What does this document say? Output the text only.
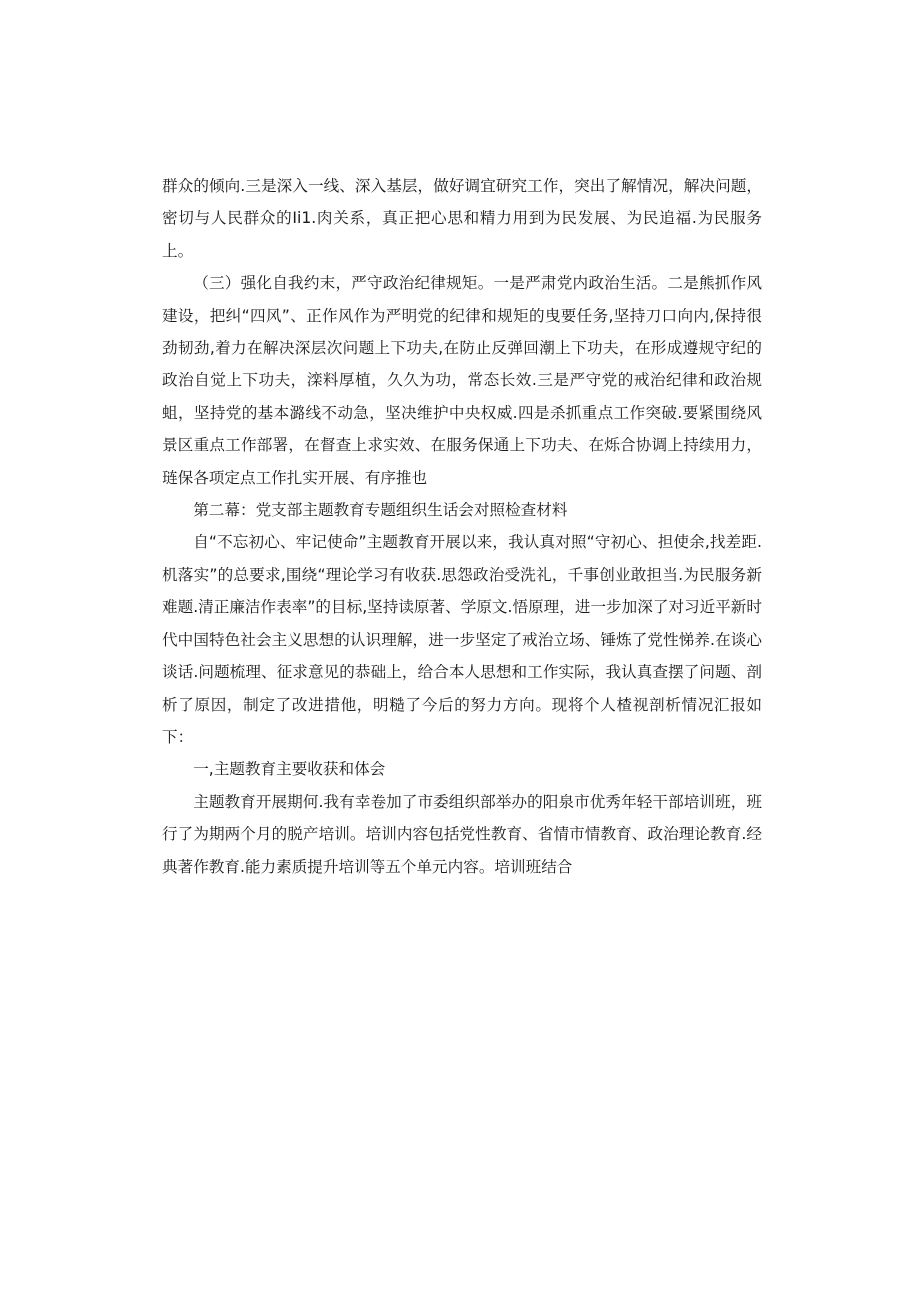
群众的倾向.三是深入一线、深入基层，做好调宜研究工作，突出了解情况，解决问题，密切与人民群众的Ii1.肉关系，真正把心思和精力用到为民发展、为民追福.为民服务上。

（三）强化自我约末，严守政治纪律规矩。一是严肃党内政治生活。二是熊抓作风建设，把纠“四风”、正作风作为严明党的纪律和规矩的曳要任务,坚持刀口向内,保持很劲韧劲,着力在解决深层次问题上下功夫,在防止反弹回潮上下功夫，在形成遵规守纪的政治自觉上下功夫，滦料厚植，久久为功，常态长效.三是严守党的戒治纪律和政治规蛆，坚持党的基本潞线不动急，坚决维护中央权威.四是杀抓重点工作突破.要紧围绕风景区重点工作部署，在督查上求实效、在服务保通上下功夫、在烁合协调上持续用力，琏保各项定点工作扎实开展、有序推也

第二幕：党支部主题教育专题组织生话会对照检查材料

自“不忘初心、牢记使命”主题教育开展以来，我认真对照“守初心、担使余,找差距.机落实”的总要求,围绕“理论学习有收获.思怨政治受洗礼，千事创业敢担当.为民服务新难题.清正廉洁作表率”的目标,坚持读原著、学原文.悟原理，进一步加深了对习近平新时代中国特色社会主义思想的认识理解，进一步坚定了戒治立场、锤炼了党性悌养.在谈心谈话.问题梳理、征求意见的恭础上，给合本人思想和工作实际，我认真查摆了问题、剖析了原因，制定了改进措他，明糙了今后的努力方向。现将个人楂视剖析情况汇报如下：

一,主题教育主要收获和体会

主题教育开展期何.我有幸卷加了市委组织部举办的阳泉市优秀年轻干部培训班，班行了为期两个月的脱产培训。培训内容包括党性教育、省情市情教育、政治理论教育.经典著作教育.能力素质提升培训等五个单元内容。培训班结合
